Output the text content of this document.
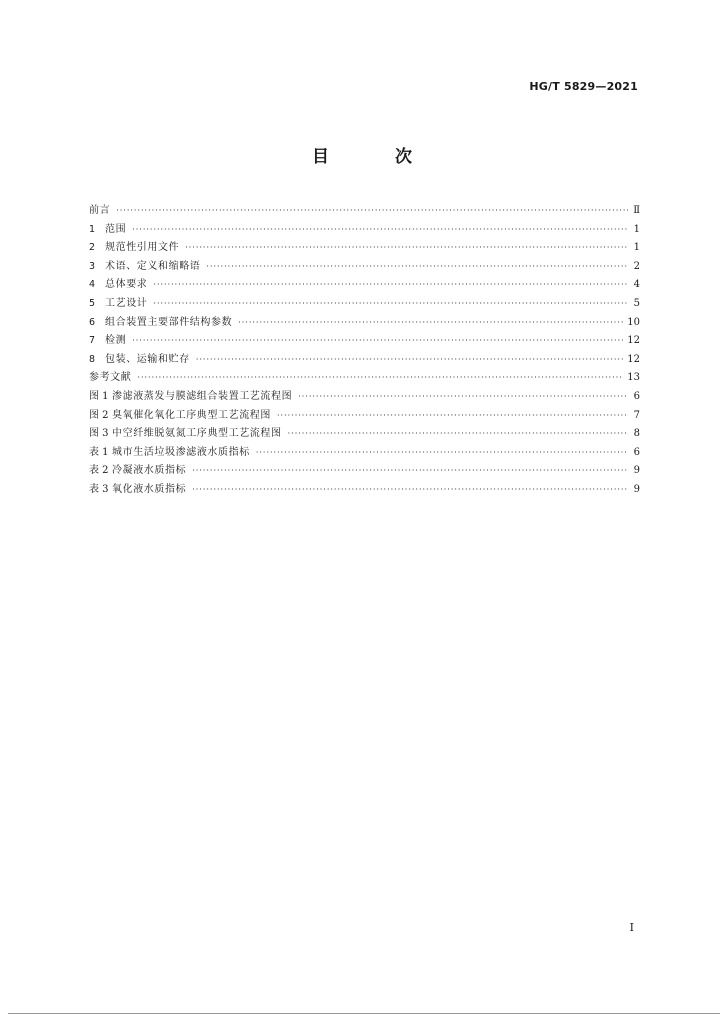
HG/T 5829—2021
目 次
前言 ·····	Ⅱ
1 范围 ·····	1
2 规范性引用文件 ·····	1
3 术语、定义和缩略语 ·····	2
4 总体要求 ·····	4
5 工艺设计 ·····	5
6 组合装置主要部件结构参数 ·····	10
7 检测 ·····	12
8 包装、运输和贮存 ·····	12
参考文献 ·····	13
图 1 渗滤液蒸发与膜滤组合装置工艺流程图 ·····	6
图 2 臭氧催化氧化工序典型工艺流程图 ·····	7
图 3 中空纤维脱氨氮工序典型工艺流程图 ·····	8
表 1 城市生活垃圾渗滤液水质指标 ·····	6
表 2 冷凝液水质指标 ·····	9
表 3 氧化液水质指标 ·····	9
I
